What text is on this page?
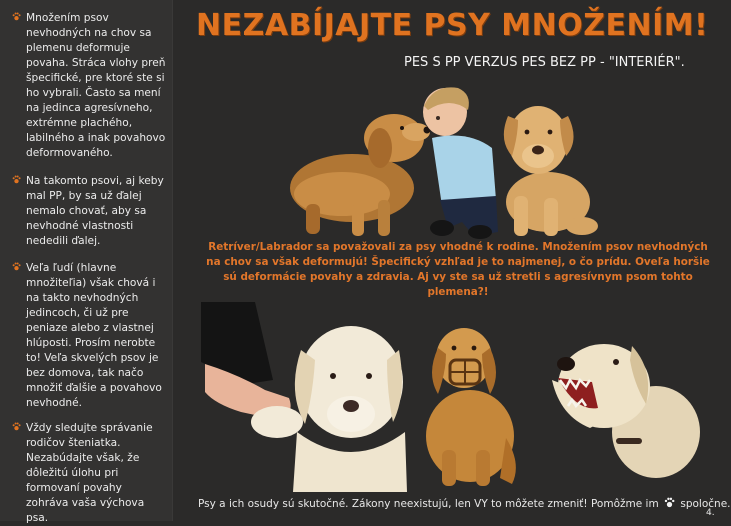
Množením psov nevhodných na chov sa plemenu deformuje povaha. Stráca vlohy preň špecifické, pre ktoré ste si ho vybrali. Často sa mení na jedinca agresívneho, extrémne plachého, labilného a inak povahovo deformovaného.
Na takomto psovi, aj keby mal PP, by sa už ďalej nemalo chovať, aby sa nevhodné vlastnosti nededili ďalej.
Veľa ľudí (hlavne množiteľia) však chová i na takto nevhodných jedincoch, či už pre peniaze alebo z vlastnej hlúposti. Prosím nerobte to! Veľa skvelých psov je bez domova, tak načo množiť ďalšie a povahovo nevhodné.
Vždy sledujte správanie rodičov šteniatka. Nezabúdajte však, že dôležitú úlohu pri formovaní povahy zohráva vaša výchova psa.
NEZABÍJAJTE PSY MNOŽENÍM!
PES S PP VERZUS PES BEZ PP - "INTERIÉR".
Retríver/Labrador sa považovali za psy vhodné k rodine. Množením psov nevhodných na chov sa však deformujú! Špecifický vzhľad je to najmenej, o čo prídu. Oveľa horšie sú deformácie povahy a zdravia. Aj vy ste sa už stretli s agresívnym psom tohto plemena?!
Psy a ich osudy sú skutočné. Zákony neexistujú, len VY to môžete zmeniť! Pomôžme im spoločne.
4.
